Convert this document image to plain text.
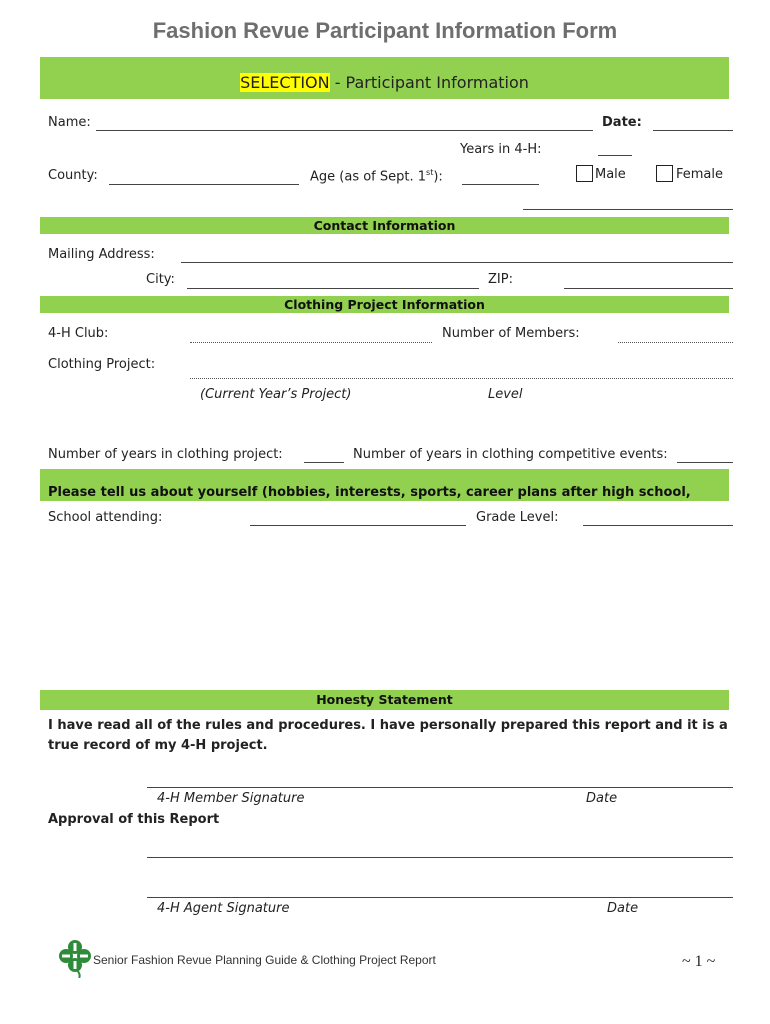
Fashion Revue Participant Information Form
SELECTION - Participant Information
Name:	Date:
Years in 4-H:
County:	Age (as of Sept. 1st):	Male	Female
Contact Information
Mailing Address:
City:	ZIP:
Clothing Project Information
4-H Club:	Number of Members:
Clothing Project:
(Current Year’s Project)	Level
Number of years in clothing project:	Number of years in clothing competitive events:
Please tell us about yourself (hobbies, interests, sports, career plans after high school,
School attending:	Grade Level:
Honesty Statement
I have read all of the rules and procedures. I have personally prepared this report and it is a
true record of my 4-H project.
4-H Member Signature	Date
Approval of this Report
4-H Agent Signature	Date
Senior Fashion Revue Planning Guide & Clothing Project Report	~ 1 ~
